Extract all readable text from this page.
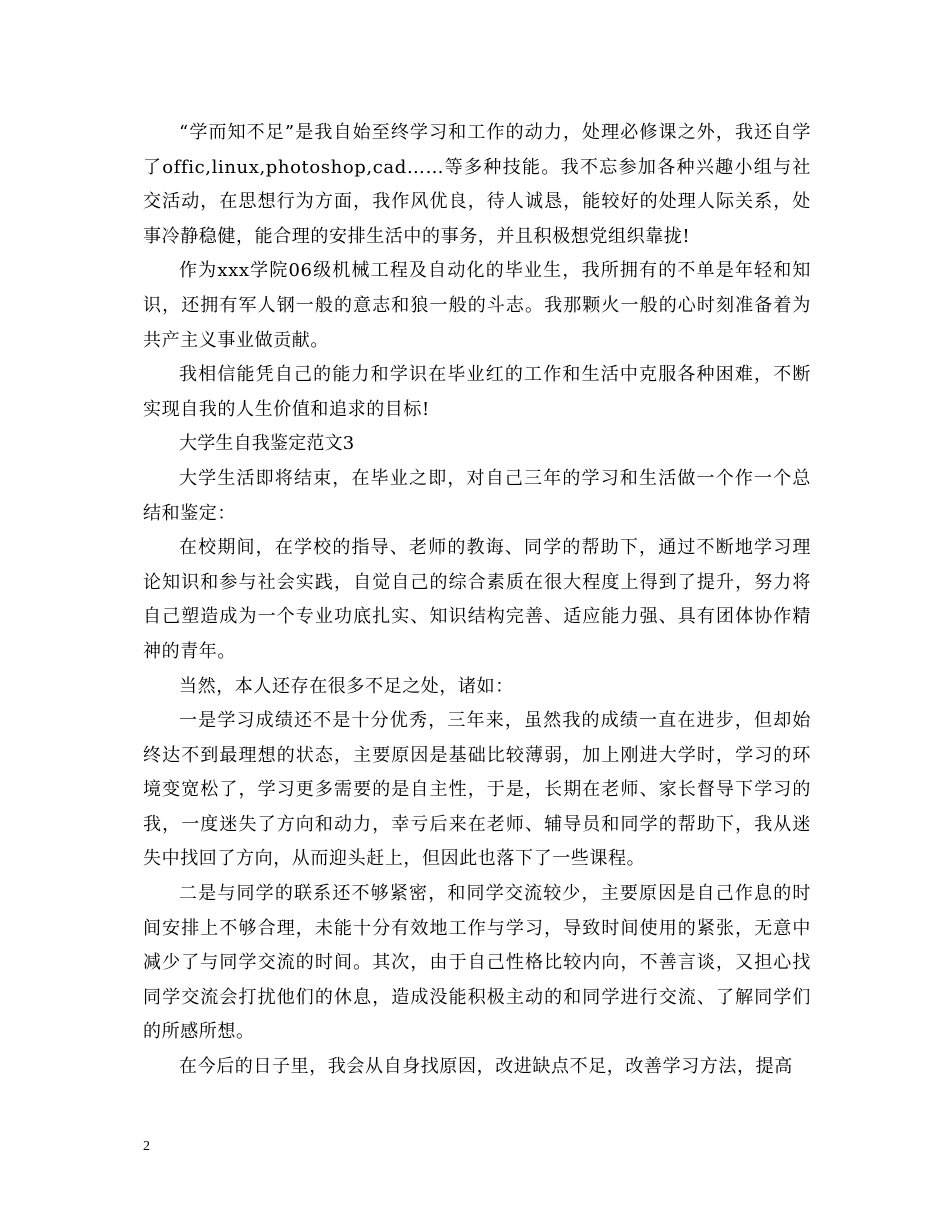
“学而知不足”是我自始至终学习和工作的动力，处理必修课之外，我还自学了offic,linux,photoshop,cad……等多种技能。我不忘参加各种兴趣小组与社交活动，在思想行为方面，我作风优良，待人诚恳，能较好的处理人际关系，处事冷静稳健，能合理的安排生活中的事务，并且积极想党组织靠拢!

作为xxx学院06级机械工程及自动化的毕业生，我所拥有的不单是年轻和知识，还拥有军人钢一般的意志和狼一般的斗志。我那颗火一般的心时刻准备着为共产主义事业做贡献。

我相信能凭自己的能力和学识在毕业红的工作和生活中克服各种困难，不断实现自我的人生价值和追求的目标!

大学生自我鉴定范文3

大学生活即将结束，在毕业之即，对自己三年的学习和生活做一个作一个总结和鉴定：

在校期间，在学校的指导、老师的教诲、同学的帮助下，通过不断地学习理论知识和参与社会实践，自觉自己的综合素质在很大程度上得到了提升，努力将自己塑造成为一个专业功底扎实、知识结构完善、适应能力强、具有团体协作精神的青年。

当然，本人还存在很多不足之处，诸如：

一是学习成绩还不是十分优秀，三年来，虽然我的成绩一直在进步，但却始终达不到最理想的状态，主要原因是基础比较薄弱，加上刚进大学时，学习的环境变宽松了，学习更多需要的是自主性，于是，长期在老师、家长督导下学习的我，一度迷失了方向和动力，幸亏后来在老师、辅导员和同学的帮助下，我从迷失中找回了方向，从而迎头赶上，但因此也落下了一些课程。

二是与同学的联系还不够紧密，和同学交流较少，主要原因是自己作息的时间安排上不够合理，未能十分有效地工作与学习，导致时间使用的紧张，无意中减少了与同学交流的时间。其次，由于自己性格比较内向，不善言谈，又担心找同学交流会打扰他们的休息，造成没能积极主动的和同学进行交流、了解同学们的所感所想。

在今后的日子里，我会从自身找原因，改进缺点不足，改善学习方法，提高

2
